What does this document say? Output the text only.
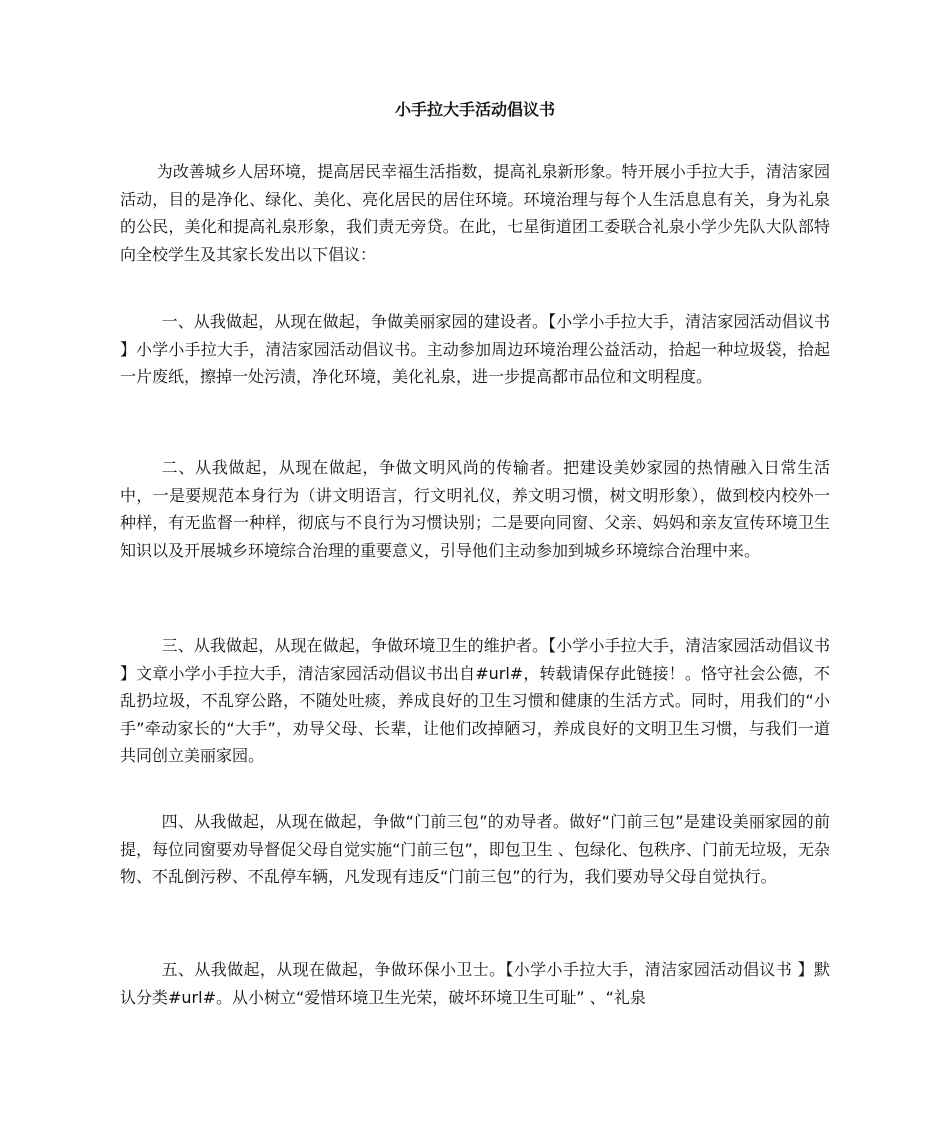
小手拉大手活动倡议书

为改善城乡人居环境，提高居民幸福生活指数，提高礼泉新形象。特开展小手拉大手，清洁家园活动，目的是净化、绿化、美化、亮化居民的居住环境。环境治理与每个人生活息息有关，身为礼泉的公民，美化和提高礼泉形象，我们责无旁贷。在此，七星街道团工委联合礼泉小学少先队大队部特向全校学生及其家长发出以下倡议：

一、从我做起，从现在做起，争做美丽家园的建设者。【小学小手拉大手，清洁家园活动倡议书 】小学小手拉大手，清洁家园活动倡议书。主动参加周边环境治理公益活动，拾起一种垃圾袋，拾起一片废纸，擦掉一处污渍，净化环境，美化礼泉，进一步提高都市品位和文明程度。

二、从我做起，从现在做起，争做文明风尚的传输者。把建设美妙家园的热情融入日常生活中，一是要规范本身行为（讲文明语言，行文明礼仪，养文明习惯，树文明形象），做到校内校外一种样，有无监督一种样，彻底与不良行为习惯诀别；二是要向同窗、父亲、妈妈和亲友宣传环境卫生知识以及开展城乡环境综合治理的重要意义，引导他们主动参加到城乡环境综合治理中来。

三、从我做起，从现在做起，争做环境卫生的维护者。【小学小手拉大手，清洁家园活动倡议书 】文章小学小手拉大手，清洁家园活动倡议书出自#url#，转载请保存此链接！。恪守社会公德，不乱扔垃圾，不乱穿公路，不随处吐痰，养成良好的卫生习惯和健康的生活方式。同时，用我们的“小手”牵动家长的“大手”，劝导父母、长辈，让他们改掉陋习，养成良好的文明卫生习惯，与我们一道共同创立美丽家园。

四、从我做起，从现在做起，争做“门前三包”的劝导者。做好“门前三包”是建设美丽家园的前提，每位同窗要劝导督促父母自觉实施“门前三包”，即包卫生 、包绿化、包秩序、门前无垃圾，无杂物、不乱倒污秽、不乱停车辆，凡发现有违反“门前三包”的行为，我们要劝导父母自觉执行。

五、从我做起，从现在做起，争做环保小卫士。【小学小手拉大手，清洁家园活动倡议书 】默认分类#url#。从小树立“爱惜环境卫生光荣，破坏环境卫生可耻” 、“礼泉
